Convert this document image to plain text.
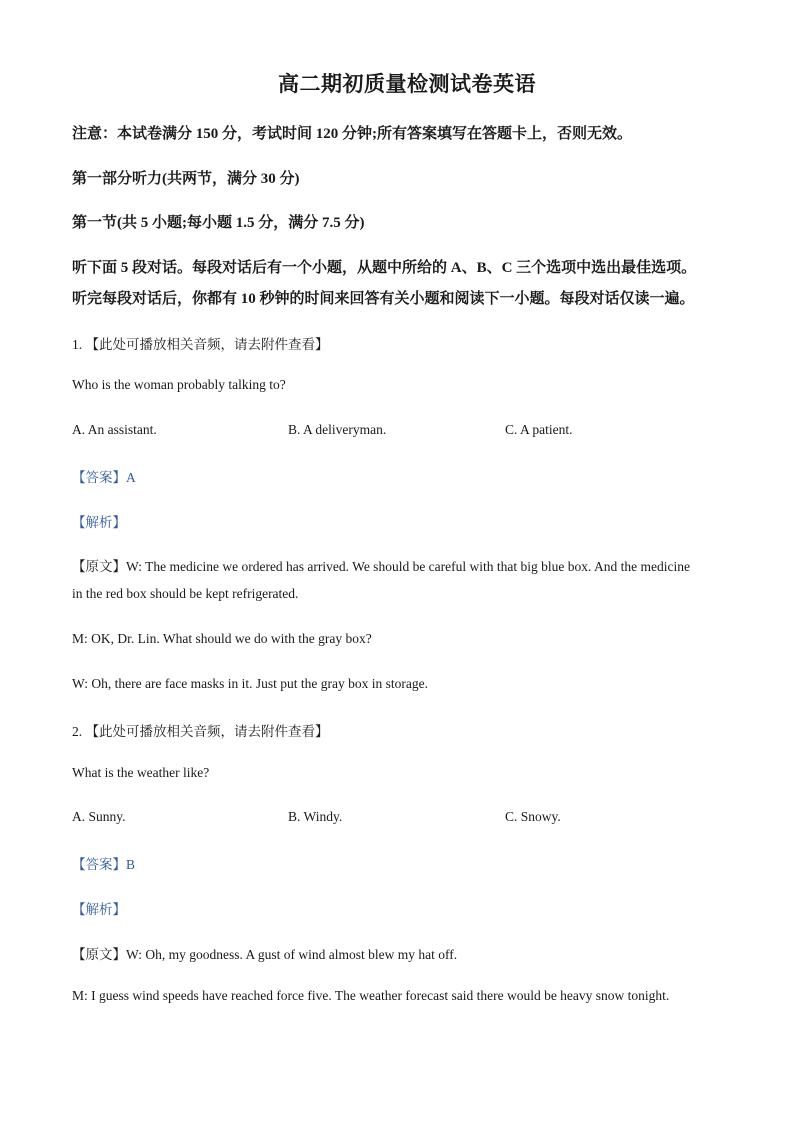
高二期初质量检测试卷英语
注意：本试卷满分 150 分，考试时间 120 分钟;所有答案填写在答题卡上，否则无效。
第一部分听力(共两节，满分 30 分)
第一节(共 5 小题;每小题 1.5 分，满分 7.5 分)
听下面 5 段对话。每段对话后有一个小题，从题中所给的 A、B、C 三个选项中选出最佳选项。
听完每段对话后，你都有 10 秒钟的时间来回答有关小题和阅读下一小题。每段对话仅读一遍。
1. 【此处可播放相关音频，请去附件查看】
Who is the woman probably talking to?
A. An assistant.	B. A deliveryman.	C. A patient.
【答案】A
【解析】
【原文】W: The medicine we ordered has arrived. We should be careful with that big blue box. And the medicine
in the red box should be kept refrigerated.
M: OK, Dr. Lin. What should we do with the gray box?
W: Oh, there are face masks in it. Just put the gray box in storage.
2. 【此处可播放相关音频，请去附件查看】
What is the weather like?
A. Sunny.	B. Windy.	C. Snowy.
【答案】B
【解析】
【原文】W: Oh, my goodness. A gust of wind almost blew my hat off.
M: I guess wind speeds have reached force five. The weather forecast said there would be heavy snow tonight.
